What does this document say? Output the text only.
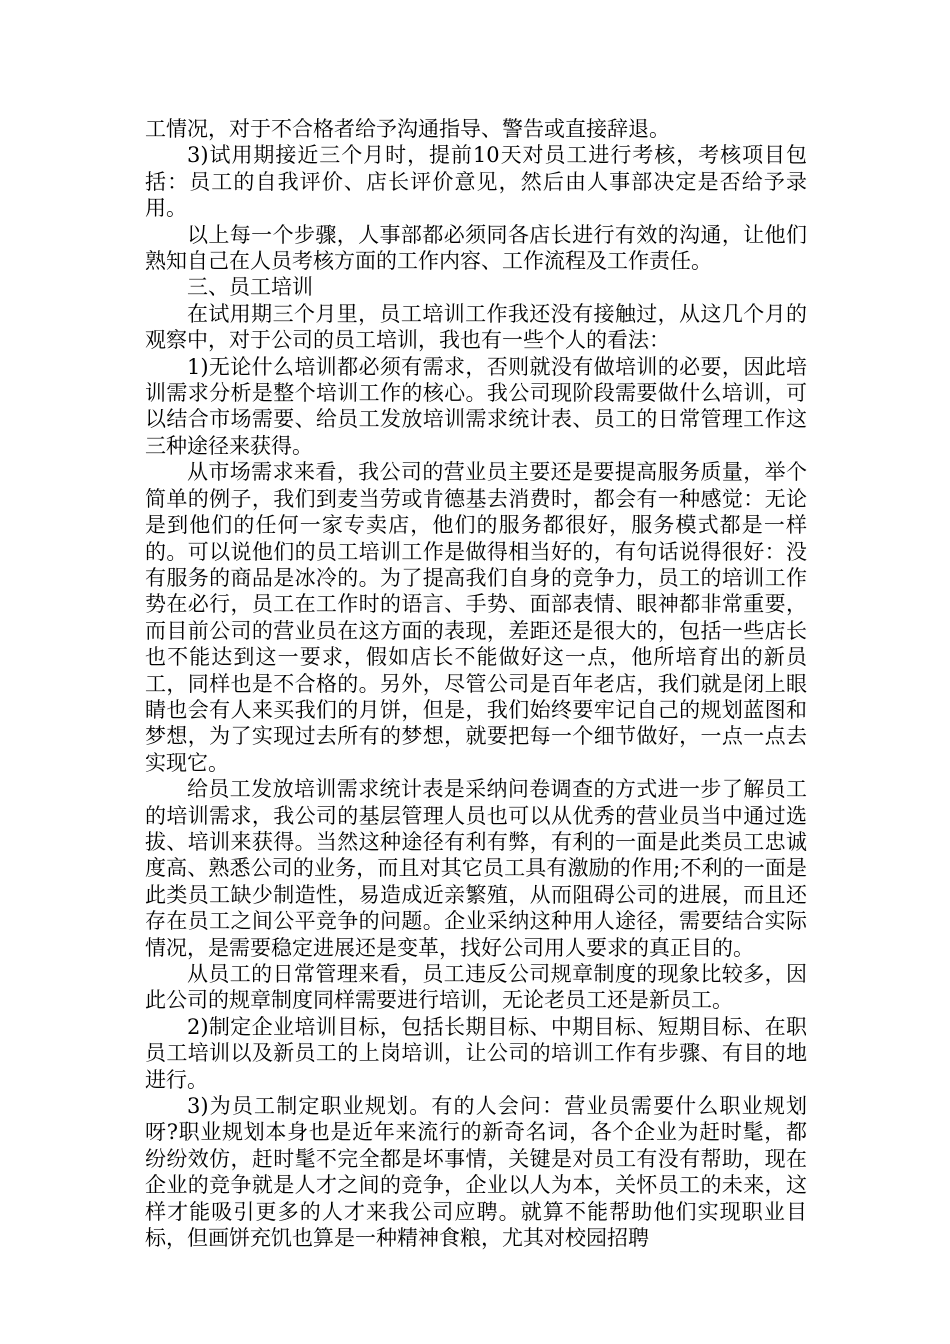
工情况，对于不合格者给予沟通指导、警告或直接辞退。

3)试用期接近三个月时，提前10天对员工进行考核，考核项目包括：员工的自我评价、店长评价意见，然后由人事部决定是否给予录用。

以上每一个步骤，人事部都必须同各店长进行有效的沟通，让他们熟知自己在人员考核方面的工作内容、工作流程及工作责任。

三、员工培训

在试用期三个月里，员工培训工作我还没有接触过，从这几个月的观察中，对于公司的员工培训，我也有一些个人的看法：

1)无论什么培训都必须有需求，否则就没有做培训的必要，因此培训需求分析是整个培训工作的核心。我公司现阶段需要做什么培训，可以结合市场需要、给员工发放培训需求统计表、员工的日常管理工作这三种途径来获得。

从市场需求来看，我公司的营业员主要还是要提高服务质量，举个简单的例子，我们到麦当劳或肯德基去消费时，都会有一种感觉：无论是到他们的任何一家专卖店，他们的服务都很好，服务模式都是一样的。可以说他们的员工培训工作是做得相当好的，有句话说得很好：没有服务的商品是冰冷的。为了提高我们自身的竞争力，员工的培训工作势在必行，员工在工作时的语言、手势、面部表情、眼神都非常重要，而目前公司的营业员在这方面的表现，差距还是很大的，包括一些店长也不能达到这一要求，假如店长不能做好这一点，他所培育出的新员工，同样也是不合格的。另外，尽管公司是百年老店，我们就是闭上眼睛也会有人来买我们的月饼，但是，我们始终要牢记自己的规划蓝图和梦想，为了实现过去所有的梦想，就要把每一个细节做好，一点一点去实现它。

给员工发放培训需求统计表是采纳问卷调查的方式进一步了解员工的培训需求，我公司的基层管理人员也可以从优秀的营业员当中通过选拔、培训来获得。当然这种途径有利有弊，有利的一面是此类员工忠诚度高、熟悉公司的业务，而且对其它员工具有激励的作用;不利的一面是此类员工缺少制造性，易造成近亲繁殖，从而阻碍公司的进展，而且还存在员工之间公平竞争的问题。企业采纳这种用人途径，需要结合实际情况，是需要稳定进展还是变革，找好公司用人要求的真正目的。

从员工的日常管理来看，员工违反公司规章制度的现象比较多，因此公司的规章制度同样需要进行培训，无论老员工还是新员工。

2)制定企业培训目标，包括长期目标、中期目标、短期目标、在职员工培训以及新员工的上岗培训，让公司的培训工作有步骤、有目的地进行。

3)为员工制定职业规划。有的人会问：营业员需要什么职业规划呀?职业规划本身也是近年来流行的新奇名词，各个企业为赶时髦，都纷纷效仿，赶时髦不完全都是坏事情，关键是对员工有没有帮助，现在企业的竞争就是人才之间的竞争，企业以人为本，关怀员工的未来，这样才能吸引更多的人才来我公司应聘。就算不能帮助他们实现职业目标，但画饼充饥也算是一种精神食粮，尤其对校园招聘
